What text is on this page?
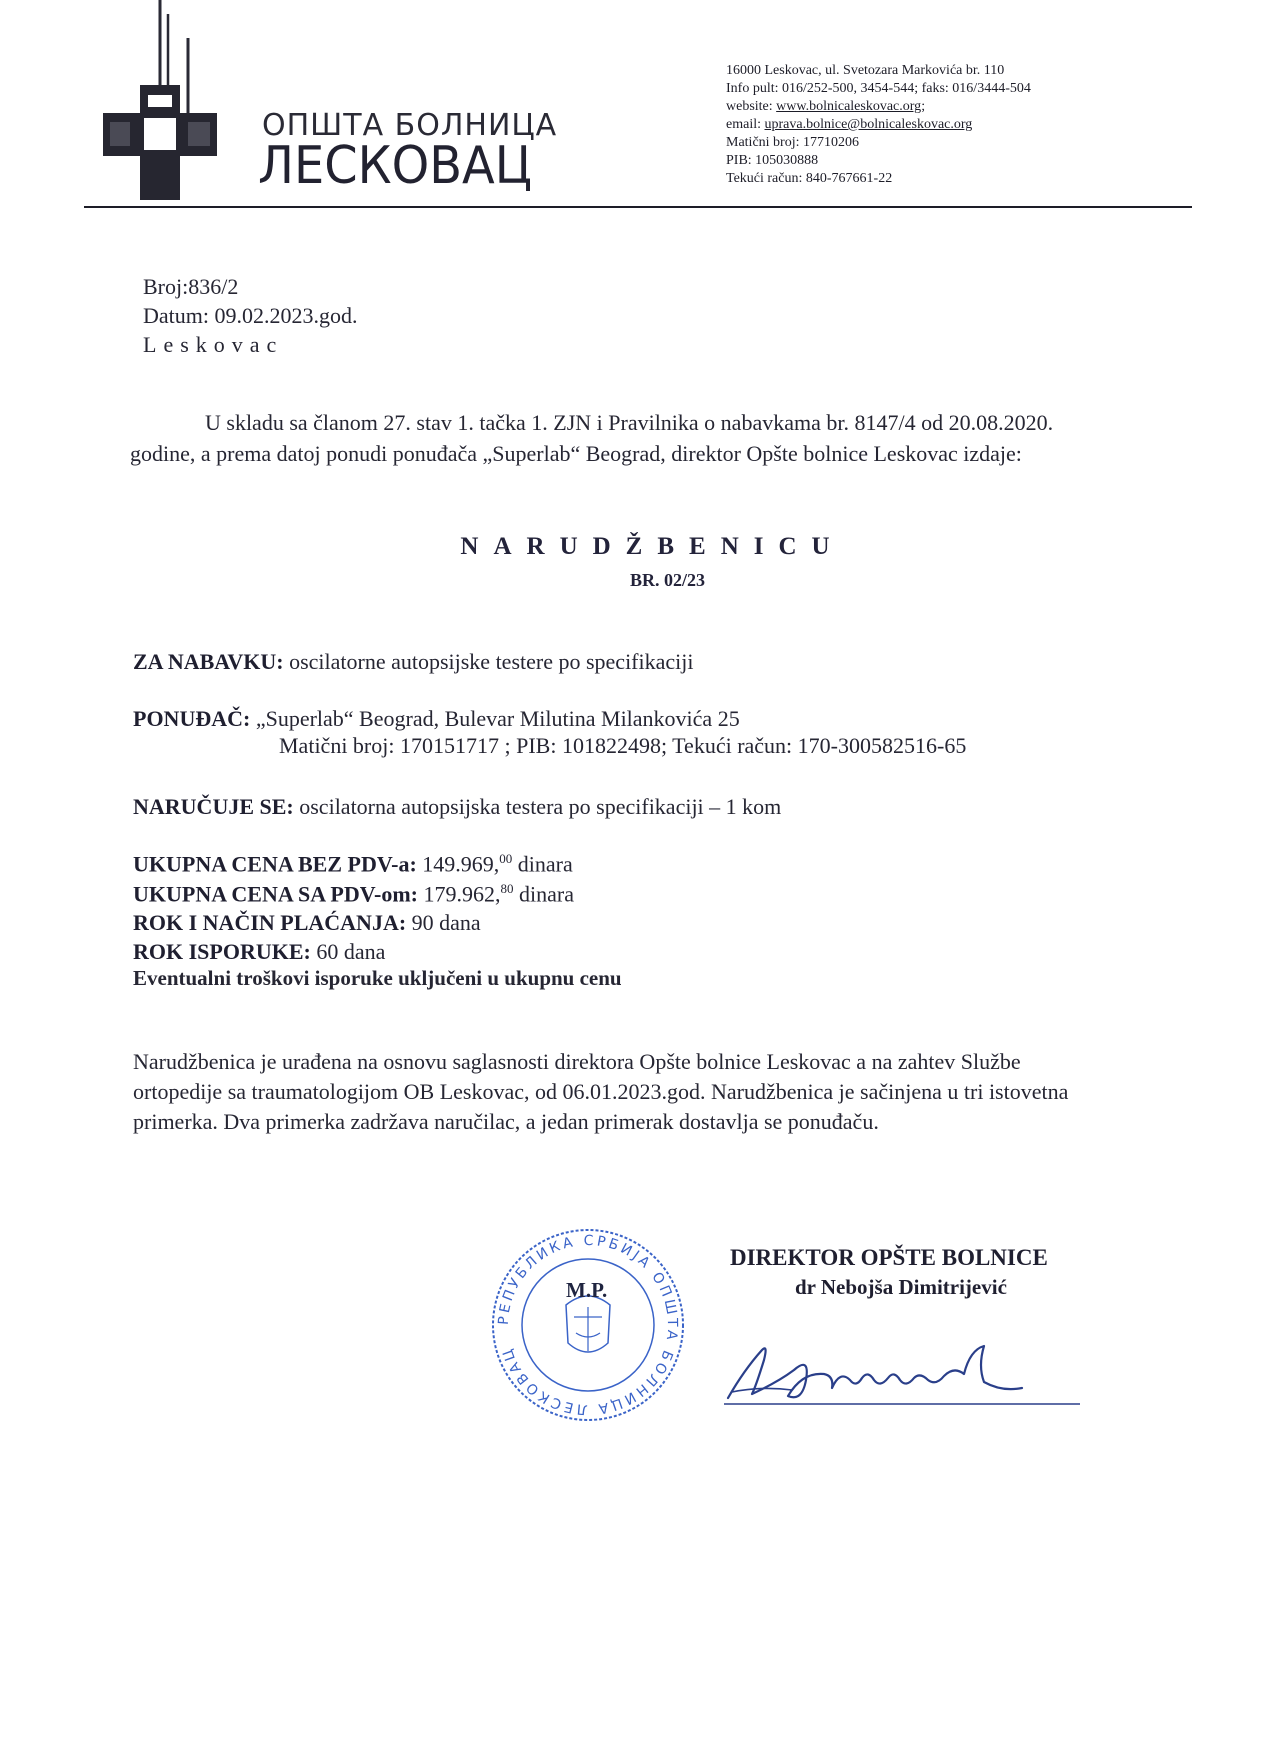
ОПШТА БОЛНИЦА
ЛЕСКОВАЦ
16000 Leskovac, ul. Svetozara Markovića br. 110
Info pult: 016/252-500, 3454-544; faks: 016/3444-504
website: www.bolnicaleskovac.org;
email: uprava.bolnice@bolnicaleskovac.org
Matični broj: 17710206
PIB: 105030888
Tekući račun: 840-767661-22
Broj:836/2
Datum: 09.02.2023.god.
Leskovac
U skladu sa članom 27. stav 1. tačka 1. ZJN i Pravilnika o nabavkama br. 8147/4 od 20.08.2020.
godine, a prema datoj ponudi ponuđača „Superlab“ Beograd, direktor Opšte bolnice Leskovac izdaje:
NARUDŽBENICU
BR. 02/23
ZA NABAVKU: oscilatorne autopsijske testere po specifikaciji
PONUĐAČ: „Superlab“ Beograd, Bulevar Milutina Milankovića 25
Matični broj: 170151717 ; PIB: 101822498; Tekući račun: 170-300582516-65
NARUČUJE SE: oscilatorna autopsijska testera po specifikaciji – 1 kom
UKUPNA CENA BEZ PDV-a: 149.969,00 dinara
UKUPNA CENA SA PDV-om: 179.962,80 dinara
ROK I NAČIN PLAĆANJA: 90 dana
ROK ISPORUKE: 60 dana
Eventualni troškovi isporuke uključeni u ukupnu cenu
Narudžbenica je urađena na osnovu saglasnosti direktora Opšte bolnice Leskovac a na zahtev Službe
ortopedije sa traumatologijom OB Leskovac, od 06.01.2023.god. Narudžbenica je sačinjena u tri istovetna
primerka. Dva primerka zadržava naručilac, a jedan primerak dostavlja se ponuđaču.
РЕПУБЛИКА СРБИЈА ОПШТА БОЛНИЦА ЛЕСКОВАЦ
M.P.
DIREKTOR OPŠTE BOLNICE
dr Nebojša Dimitrijević
